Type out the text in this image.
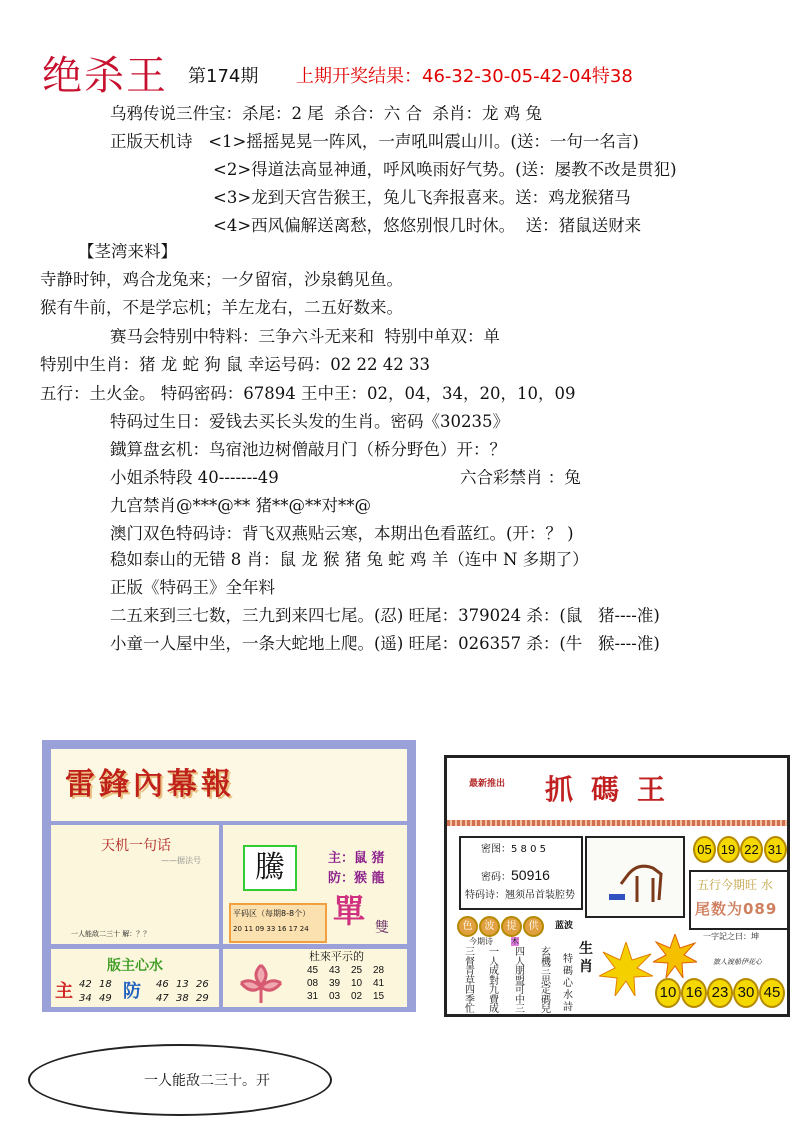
绝杀王 第174期 上期开奖结果：46-32-30-05-42-04特38
乌鸦传说三件宝：杀尾：2 尾  杀合：六 合  杀肖：龙 鸡 兔
正版天机诗   <1>摇摇晃晃一阵风，一声吼叫震山川。(送：一句一名言)
<2>得道法高显神通，呼风唤雨好气势。(送：屡教不改是贯犯)
<3>龙到天宫告猴王，兔儿飞奔报喜来。送：鸡龙猴猪马
<4>西风偏解送离愁，悠悠别恨几时休。  送：猪鼠送财来
【茎湾来料】
寺静时钟，鸡合龙兔来；一夕留宿，沙泉鹤见鱼。
猴有牛前，不是学忘机；羊左龙右，二五好数来。
赛马会特别中特料：三争六斗无来和  特别中单双：单
特别中生肖：猪 龙 蛇 狗 鼠 幸运号码：02 22 42 33
五行：土火金。 特码密码：67894 王中王：02，04，34，20，10，09
特码过生日：爱钱去买长头发的生肖。密码《30235》
鐡算盘玄机：鸟宿池边树僧敲月门（桥分野色）开：？
小姐杀特段 40-------49	六合彩禁肖 ：兔
九宫禁肖@***@** 猪**@**对**@
澳门双色特码诗：背飞双燕贴云寒，本期出色看蓝红。(开：？ )
稳如泰山的无错 8 肖：鼠 龙 猴 猪 兔 蛇 鸡 羊（连中 N 多期了）
正版《特码王》全年料
二五来到三七数，三九到来四七尾。(忍) 旺尾：379024 杀：(鼠   猪----准)
小童一人屋中坐，一条大蛇地上爬。(遥) 旺尾：026357 杀：(牛   猴----准)
雷鋒內幕報
天机一句话
——据法号
一人能敌二三十 解：？？
騰
平码区（每期8-8个）
20 11 09 33 16 17 24
主：鼠 猪
防：猴 龍
單 雙
版主心水
主 42 18
34 49 防 46 13 26
47 38 29
杜來平示的
45	43	25	28
08	39	10	41
31	03	02	15
最新推出 抓碼王
密图：5 8 0 5
密码：50916
特码诗：翘须吊首装腔势
05 19 22 31
五行今期旺 水
尾数为089
色	波	提	供	蓝波
今期诗 木
三督青草四季忙
一人成對九費成
四人朋盟可中三
玄機三思定碼兒
生肖
特碼心水詩
一字記之曰：坤
旅人渡船伊花心
10 16 23 30 45
一人能敌二三十。开
